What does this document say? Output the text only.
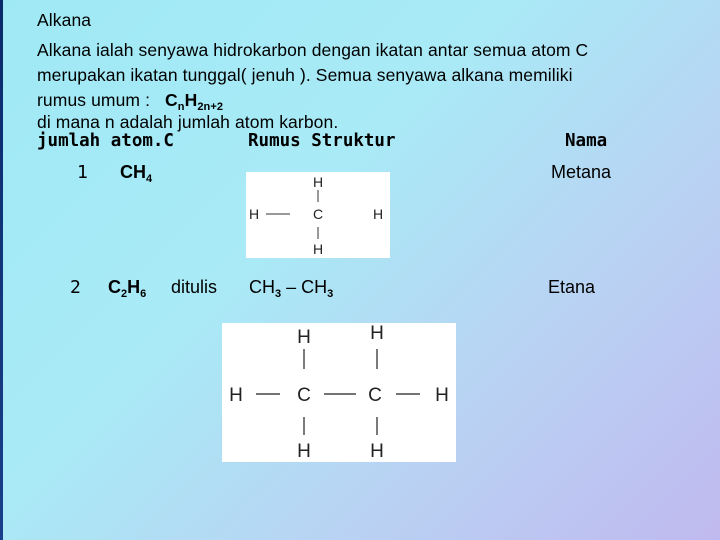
Alkana
Alkana ialah senyawa hidrokarbon dengan ikatan antar semua atom C
merupakan ikatan tunggal( jenuh ). Semua senyawa alkana memiliki
rumus umum : $C_nH_{2n+2}$
di mana n adalah jumlah atom karbon.
jumlah atom.C	Rumus Struktur	Nama
1 $CH_4$	Metana
H
H	C	H
H
2 $C_2H_6$ ditulis $CH_3 - CH_3$	Etana
H	H
H	C	C	H
H	H
